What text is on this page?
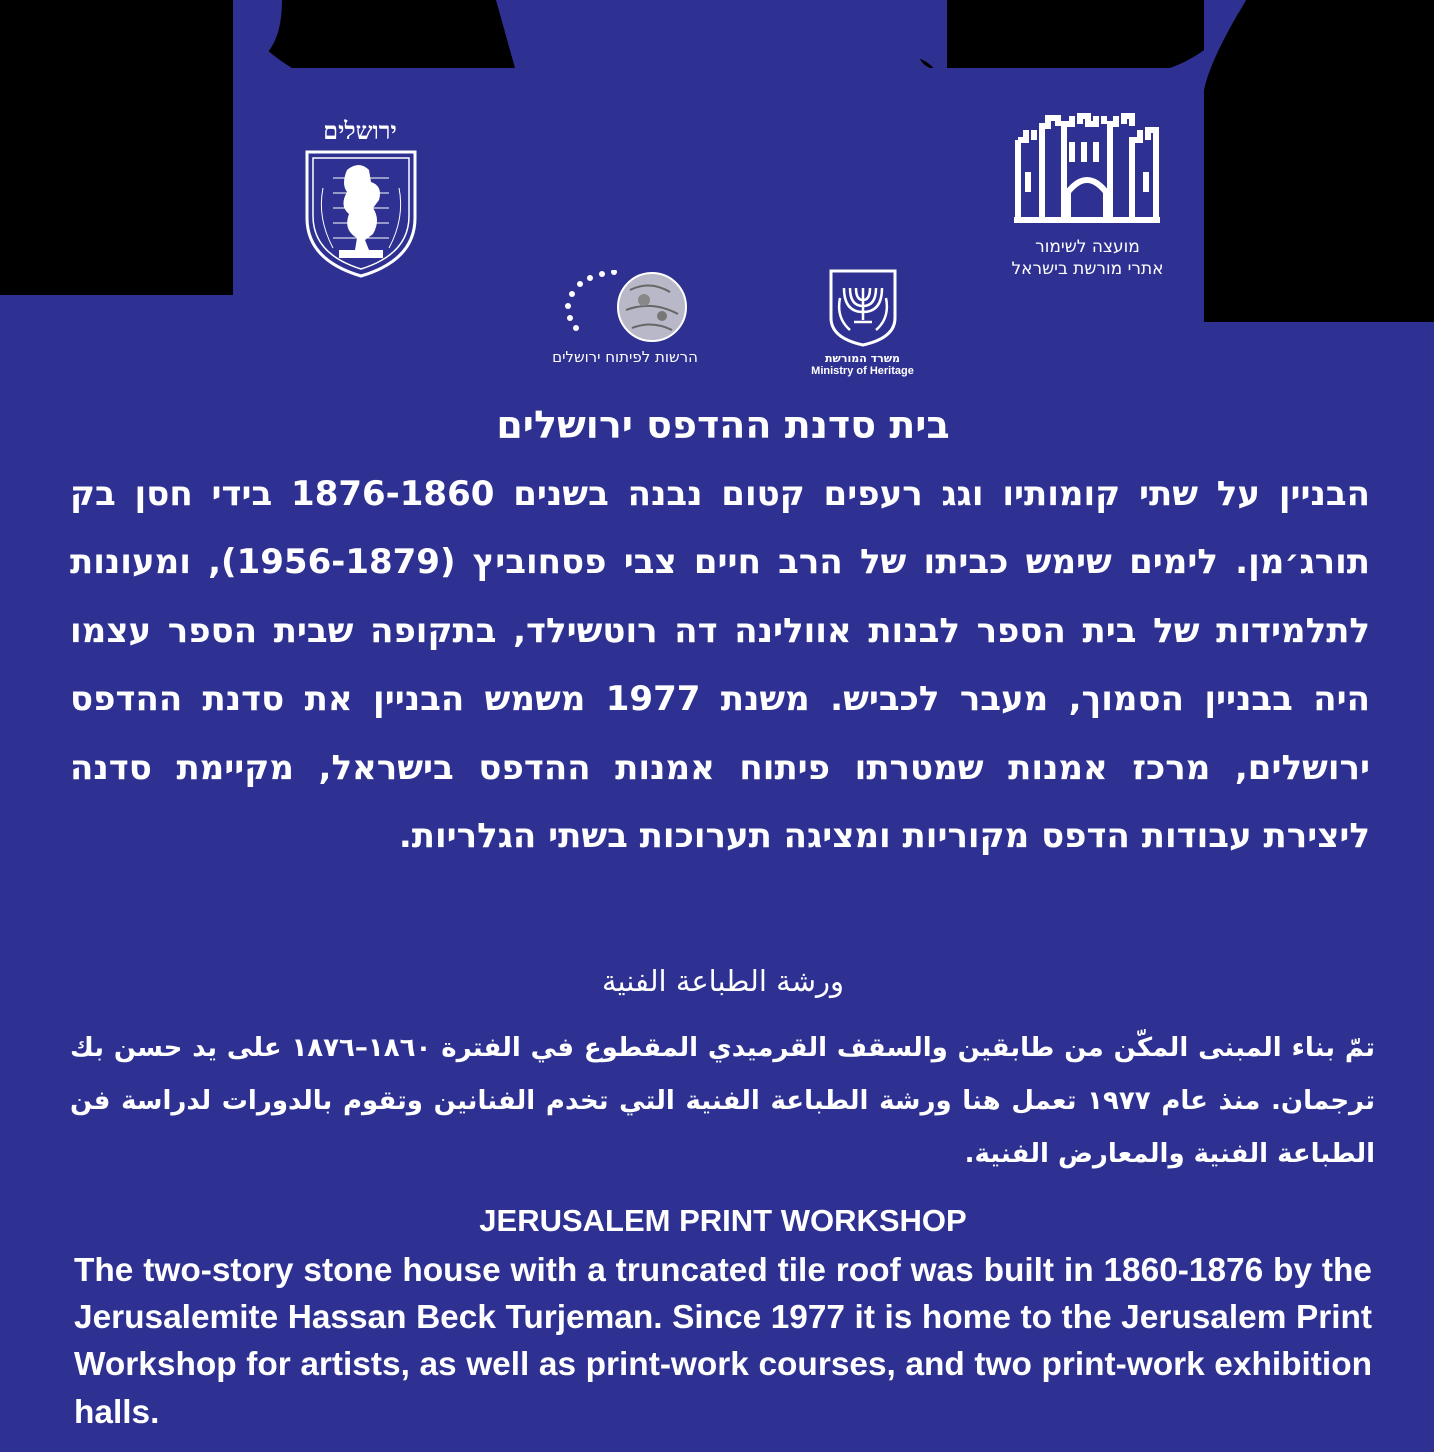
ירושלים
מועצה לשימור
אתרי מורשת בישראל
הרשות לפיתוח ירושלים	משרד המורשת
Ministry of Heritage
בית סדנת ההדפס ירושלים
הבניין על שתי קומותיו וגג רעפים קטום נבנה בשנים 1876-1860 בידי חסן בק תורג׳מן. לימים שימש כביתו של הרב חיים צבי פסחוביץ (1956-1879), ומעונות לתלמידות של בית הספר לבנות אוולינה דה רוטשילד, בתקופה שבית הספר עצמו היה בבניין הסמוך, מעבר לכביש. משנת 1977 משמש הבניין את סדנת ההדפס ירושלים, מרכז אמנות שמטרתו פיתוח אמנות ההדפס בישראל, מקיימת סדנה ליצירת עבודות הדפס מקוריות ומציגה תערוכות בשתי הגלריות.
ورشة الطباعة الفنية
تمّ بناء المبنى المكّن من طابقين والسقف القرميدي المقطوع في الفترة ١٨٦٠–١٨٧٦ على يد حسن بك ترجمان. منذ عام ١٩٧٧ تعمل هنا ورشة الطباعة الفنية التي تخدم الفنانين وتقوم بالدورات لدراسة فن الطباعة الفنية والمعارض الفنية.
JERUSALEM PRINT WORKSHOP
The two-story stone house with a truncated tile roof was built in 1860-1876 by the Jerusalemite Hassan Beck Turjeman. Since 1977 it is home to the Jerusalem Print Workshop for artists, as well as print-work courses, and two print-work exhibition halls.
